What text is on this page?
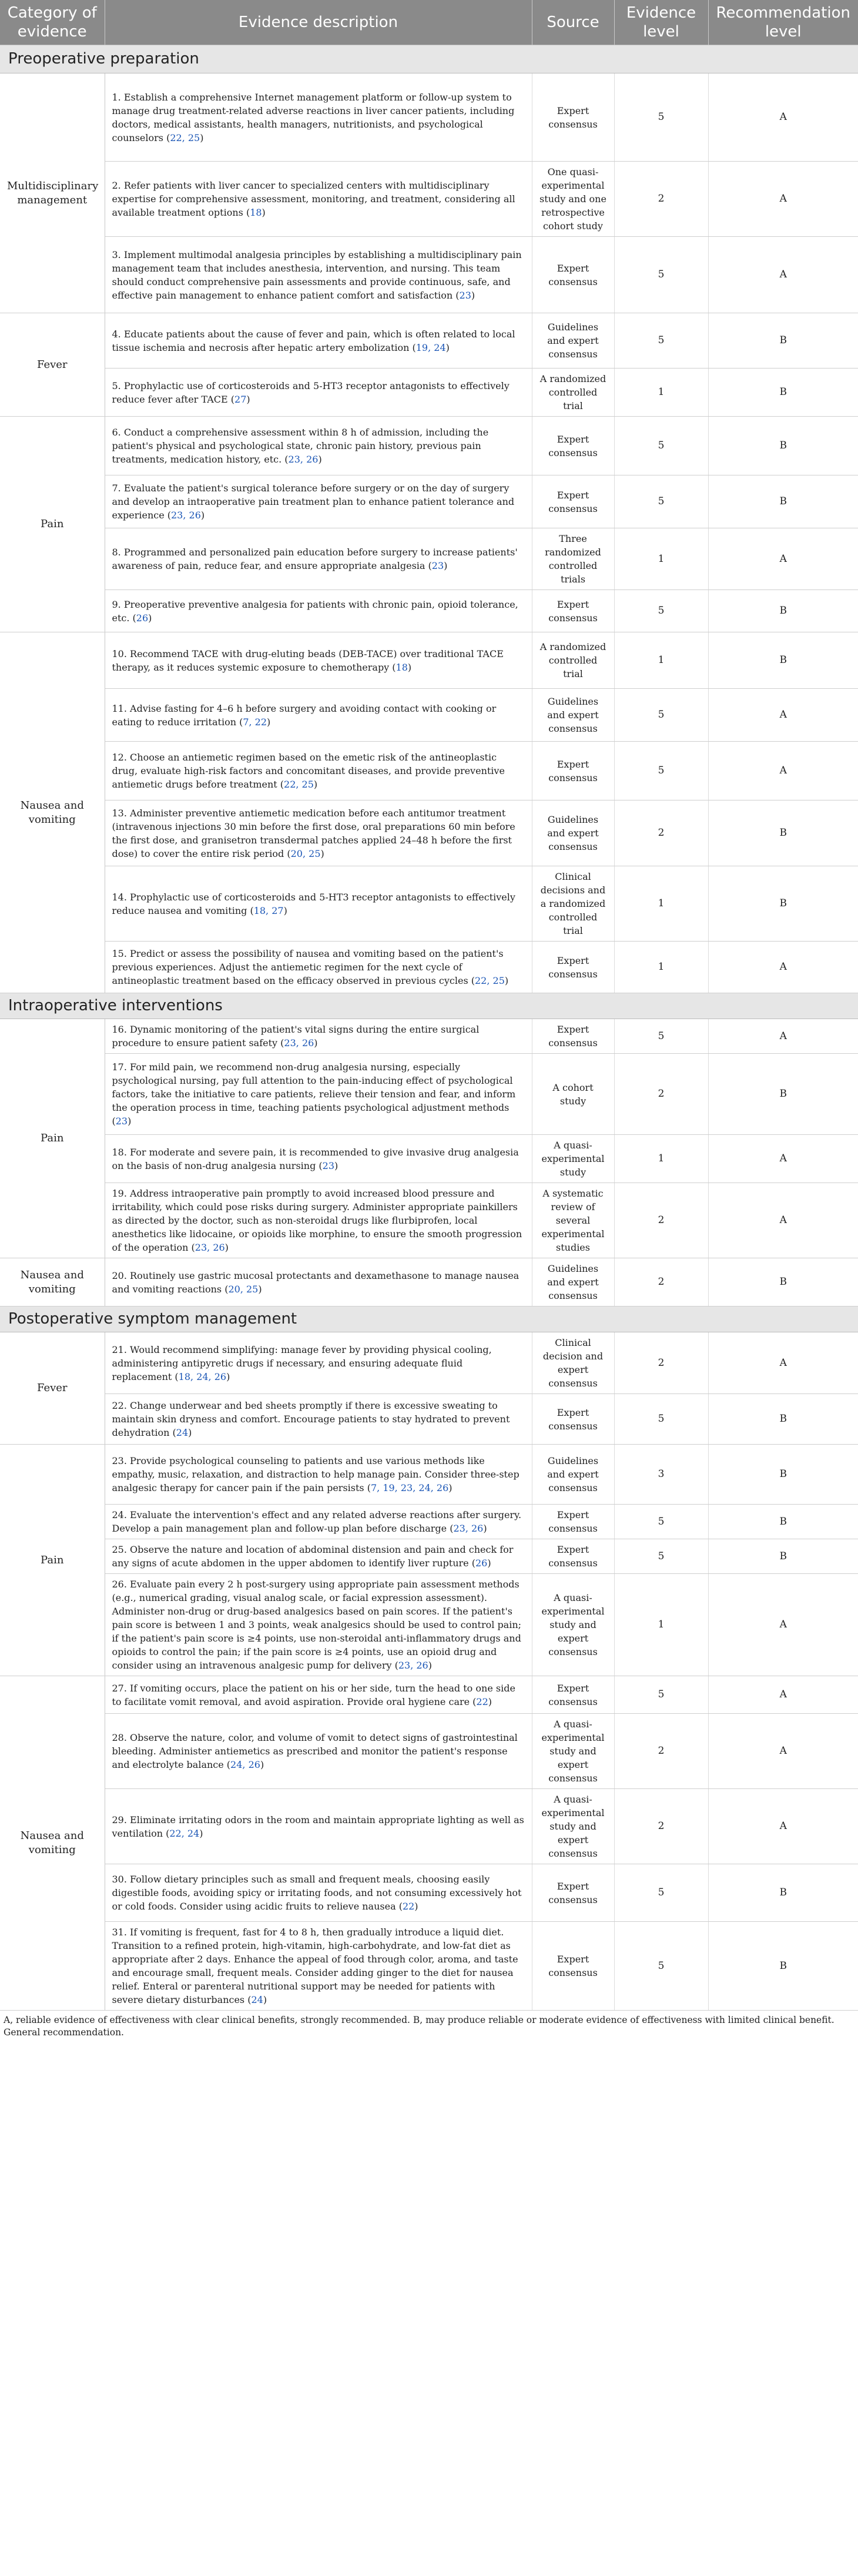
Category of evidence	Evidence description	Source	Evidence level	Recommendation level
Preoperative preparation				
Multidisciplinary management	1. Establish a comprehensive Internet management platform or follow-up system to manage drug treatment-related adverse reactions in liver cancer patients, including doctors, medical assistants, health managers, nutritionists, and psychological counselors (22, 25)	Expert consensus	5	A
	2. Refer patients with liver cancer to specialized centers with multidisciplinary expertise for comprehensive assessment, monitoring, and treatment, considering all available treatment options (18)	One quasi-experimental study and one retrospective cohort study	2	A
	3. Implement multimodal analgesia principles by establishing a multidisciplinary pain management team that includes anesthesia, intervention, and nursing. This team should conduct comprehensive pain assessments and provide continuous, safe, and effective pain management to enhance patient comfort and satisfaction (23)	Expert consensus	5	A
Fever	4. Educate patients about the cause of fever and pain, which is often related to local tissue ischemia and necrosis after hepatic artery embolization (19, 24)	Guidelines and expert consensus	5	B
	5. Prophylactic use of corticosteroids and 5-HT3 receptor antagonists to effectively reduce fever after TACE (27)	A randomized controlled trial	1	B
Pain	6. Conduct a comprehensive assessment within 8 h of admission, including the patient's physical and psychological state, chronic pain history, previous pain treatments, medication history, etc. (23, 26)	Expert consensus	5	B
	7. Evaluate the patient's surgical tolerance before surgery or on the day of surgery and develop an intraoperative pain treatment plan to enhance patient tolerance and experience (23, 26)	Expert consensus	5	B
	8. Programmed and personalized pain education before surgery to increase patients' awareness of pain, reduce fear, and ensure appropriate analgesia (23)	Three randomized controlled trials	1	A
	9. Preoperative preventive analgesia for patients with chronic pain, opioid tolerance, etc. (26)	Expert consensus	5	B
Nausea and vomiting	10. Recommend TACE with drug-eluting beads (DEB-TACE) over traditional TACE therapy, as it reduces systemic exposure to chemotherapy (18)	A randomized controlled trial	1	B
	11. Advise fasting for 4–6 h before surgery and avoiding contact with cooking or eating to reduce irritation (7, 22)	Guidelines and expert consensus	5	A
	12. Choose an antiemetic regimen based on the emetic risk of the antineoplastic drug, evaluate high-risk factors and concomitant diseases, and provide preventive antiemetic drugs before treatment (22, 25)	Expert consensus	5	A
	13. Administer preventive antiemetic medication before each antitumor treatment (intravenous injections 30 min before the first dose, oral preparations 60 min before the first dose, and granisetron transdermal patches applied 24–48 h before the first dose) to cover the entire risk period (20, 25)	Guidelines and expert consensus	2	B
	14. Prophylactic use of corticosteroids and 5-HT3 receptor antagonists to effectively reduce nausea and vomiting (18, 27)	Clinical decisions and a randomized controlled trial	1	B
	15. Predict or assess the possibility of nausea and vomiting based on the patient's previous experiences. Adjust the antiemetic regimen for the next cycle of antineoplastic treatment based on the efficacy observed in previous cycles (22, 25)	Expert consensus	1	A
Intraoperative interventions				
Pain	16. Dynamic monitoring of the patient's vital signs during the entire surgical procedure to ensure patient safety (23, 26)	Expert consensus	5	A
	17. For mild pain, we recommend non-drug analgesia nursing, especially psychological nursing, pay full attention to the pain-inducing effect of psychological factors, take the initiative to care patients, relieve their tension and fear, and inform the operation process in time, teaching patients psychological adjustment methods (23)	A cohort study	2	B
	18. For moderate and severe pain, it is recommended to give invasive drug analgesia on the basis of non-drug analgesia nursing (23)	A quasi-experimental study	1	A
	19. Address intraoperative pain promptly to avoid increased blood pressure and irritability, which could pose risks during surgery. Administer appropriate painkillers as directed by the doctor, such as non-steroidal drugs like flurbiprofen, local anesthetics like lidocaine, or opioids like morphine, to ensure the smooth progression of the operation (23, 26)	A systematic review of several experimental studies	2	A
Nausea and vomiting	20. Routinely use gastric mucosal protectants and dexamethasone to manage nausea and vomiting reactions (20, 25)	Guidelines and expert consensus	2	B
Postoperative symptom management				
Fever	21. Would recommend simplifying: manage fever by providing physical cooling, administering antipyretic drugs if necessary, and ensuring adequate fluid replacement (18, 24, 26)	Clinical decision and expert consensus	2	A
	22. Change underwear and bed sheets promptly if there is excessive sweating to maintain skin dryness and comfort. Encourage patients to stay hydrated to prevent dehydration (24)	Expert consensus	5	B
Pain	23. Provide psychological counseling to patients and use various methods like empathy, music, relaxation, and distraction to help manage pain. Consider three-step analgesic therapy for cancer pain if the pain persists (7, 19, 23, 24, 26)	Guidelines and expert consensus	3	B
	24. Evaluate the intervention's effect and any related adverse reactions after surgery. Develop a pain management plan and follow-up plan before discharge (23, 26)	Expert consensus	5	B
	25. Observe the nature and location of abdominal distension and pain and check for any signs of acute abdomen in the upper abdomen to identify liver rupture (26)	Expert consensus	5	B
	26. Evaluate pain every 2 h post-surgery using appropriate pain assessment methods (e.g., numerical grading, visual analog scale, or facial expression assessment). Administer non-drug or drug-based analgesics based on pain scores. If the patient's pain score is between 1 and 3 points, weak analgesics should be used to control pain; if the patient's pain score is ≥4 points, use non-steroidal anti-inflammatory drugs and opioids to control the pain; if the pain score is ≥4 points, use an opioid drug and consider using an intravenous analgesic pump for delivery (23, 26)	A quasi-experimental study and expert consensus	1	A
Nausea and vomiting	27. If vomiting occurs, place the patient on his or her side, turn the head to one side to facilitate vomit removal, and avoid aspiration. Provide oral hygiene care (22)	Expert consensus	5	A
	28. Observe the nature, color, and volume of vomit to detect signs of gastrointestinal bleeding. Administer antiemetics as prescribed and monitor the patient's response and electrolyte balance (24, 26)	A quasi-experimental study and expert consensus	2	A
	29. Eliminate irritating odors in the room and maintain appropriate lighting as well as ventilation (22, 24)	A quasi-experimental study and expert consensus	2	A
	30. Follow dietary principles such as small and frequent meals, choosing easily digestible foods, avoiding spicy or irritating foods, and not consuming excessively hot or cold foods. Consider using acidic fruits to relieve nausea (22)	Expert consensus	5	B
	31. If vomiting is frequent, fast for 4 to 8 h, then gradually introduce a liquid diet. Transition to a refined protein, high-vitamin, high-carbohydrate, and low-fat diet as appropriate after 2 days. Enhance the appeal of food through color, aroma, and taste and encourage small, frequent meals. Consider adding ginger to the diet for nausea relief. Enteral or parenteral nutritional support may be needed for patients with severe dietary disturbances (24)	Expert consensus	5	B
A, reliable evidence of effectiveness with clear clinical benefits, strongly recommended. B, may produce reliable or moderate evidence of effectiveness with limited clinical benefit. General recommendation.
